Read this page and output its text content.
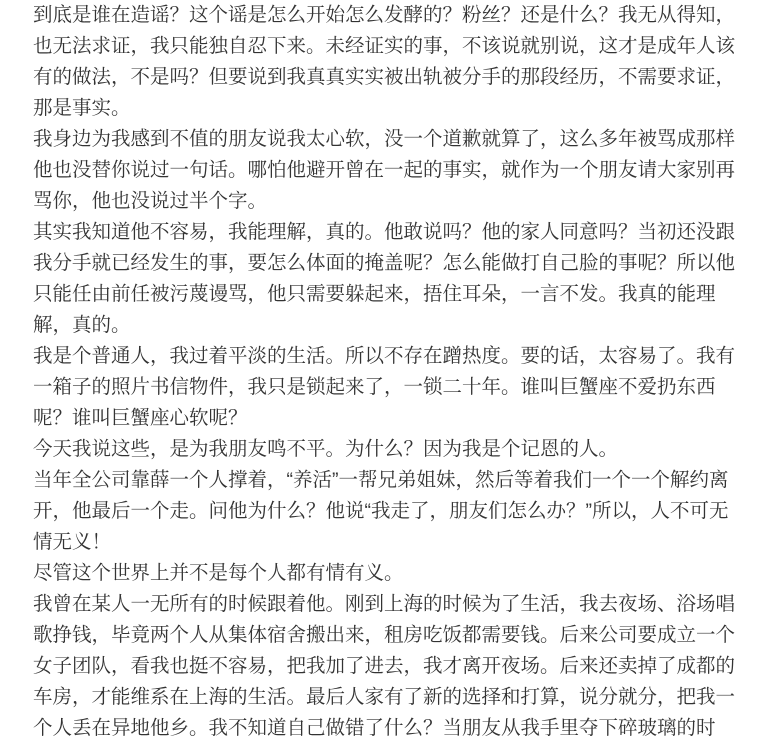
到底是谁在造谣？这个谣是怎么开始怎么发酵的？粉丝？还是什么？我无从得知，也无法求证，我只能独自忍下来。未经证实的事，不该说就别说，这才是成年人该有的做法，不是吗？但要说到我真真实实被出轨被分手的那段经历，不需要求证，那是事实。

我身边为我感到不值的朋友说我太心软，没一个道歉就算了，这么多年被骂成那样他也没替你说过一句话。哪怕他避开曾在一起的事实，就作为一个朋友请大家别再骂你，他也没说过半个字。

其实我知道他不容易，我能理解，真的。他敢说吗？他的家人同意吗？当初还没跟我分手就已经发生的事，要怎么体面的掩盖呢？怎么能做打自己脸的事呢？所以他只能任由前任被污蔑谩骂，他只需要躲起来，捂住耳朵，一言不发。我真的能理解，真的。

我是个普通人，我过着平淡的生活。所以不存在蹭热度。要的话，太容易了。我有一箱子的照片书信物件，我只是锁起来了，一锁二十年。谁叫巨蟹座不爱扔东西呢？谁叫巨蟹座心软呢？

今天我说这些，是为我朋友鸣不平。为什么？因为我是个记恩的人。

当年全公司靠薛一个人撑着，“养活”一帮兄弟姐妹，然后等着我们一个一个解约离开，他最后一个走。问他为什么？他说“我走了，朋友们怎么办？”所以，人不可无情无义！

尽管这个世界上并不是每个人都有情有义。

我曾在某人一无所有的时候跟着他。刚到上海的时候为了生活，我去夜场、浴场唱歌挣钱，毕竟两个人从集体宿舍搬出来，租房吃饭都需要钱。后来公司要成立一个女子团队，看我也挺不容易，把我加了进去，我才离开夜场。后来还卖掉了成都的车房，才能维系在上海的生活。最后人家有了新的选择和打算，说分就分，把我一个人丢在异地他乡。我不知道自己做错了什么？当朋友从我手里夺下碎玻璃的时
